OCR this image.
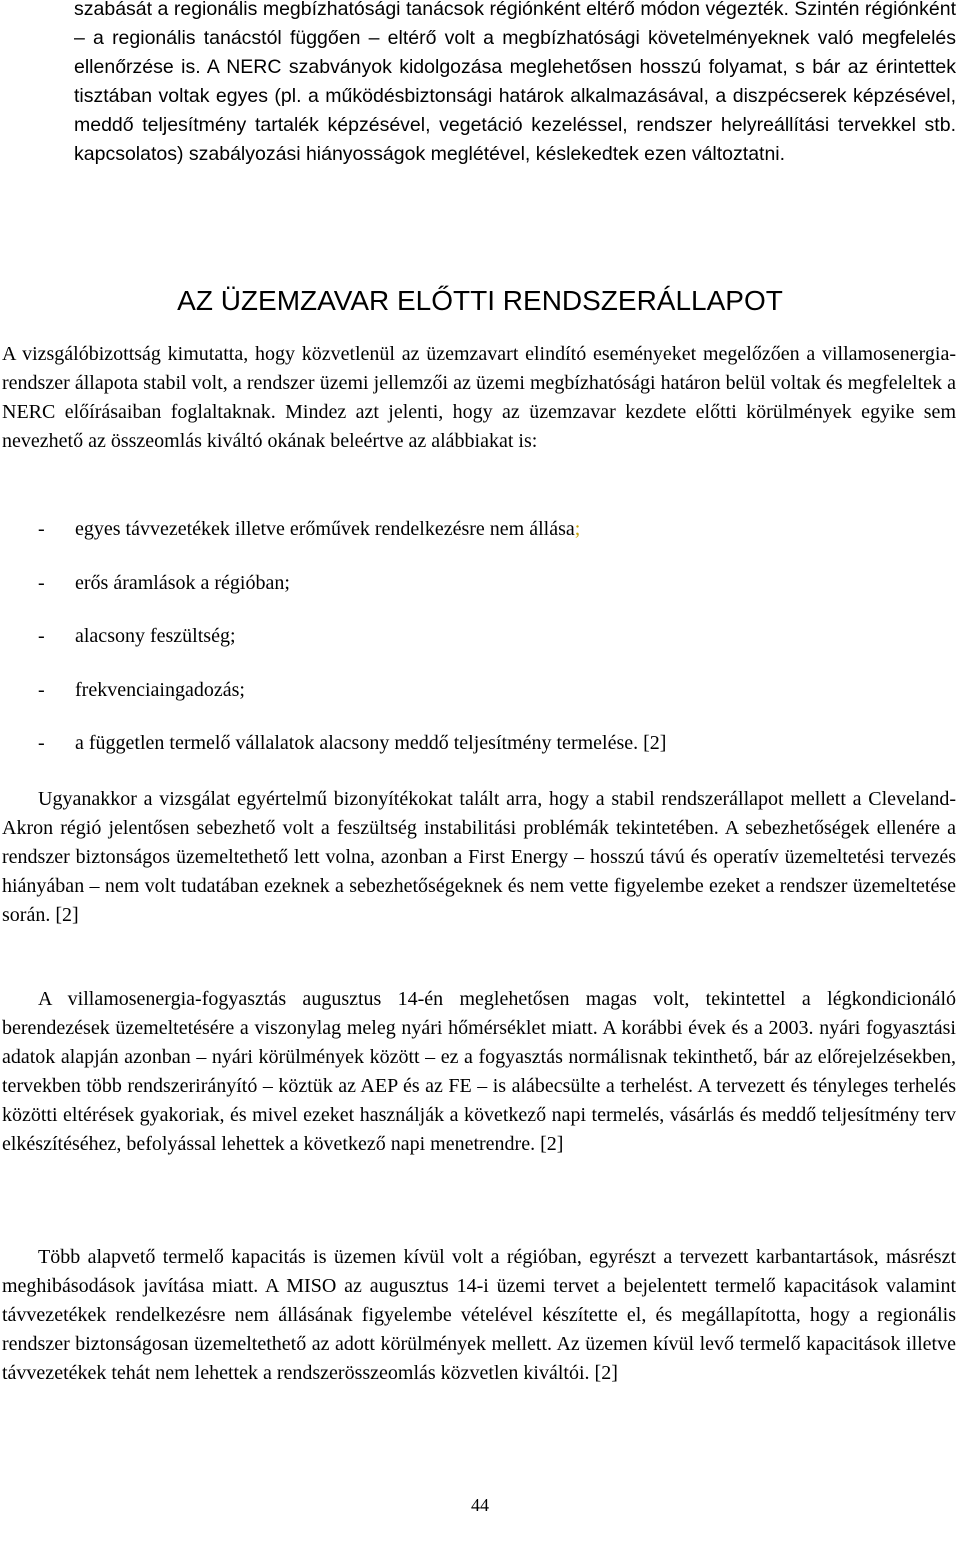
szabását a regionális megbízhatósági tanácsok régiónként eltérő módon végezték. Szintén régiónként – a regionális tanácstól függően – eltérő volt a megbízhatósági követelményeknek való megfelelés ellenőrzése is. A NERC szabványok kidolgozása meglehetősen hosszú folyamat, s bár az érintettek tisztában voltak egyes (pl. a működésbiztonsági határok alkalmazásával, a diszpécserek képzésével, meddő teljesítmény tartalék képzésével, vegetáció kezeléssel, rendszer helyreállítási tervekkel stb. kapcsolatos) szabályozási hiányosságok meglétével, késlekedtek ezen változtatni.

AZ ÜZEMZAVAR ELŐTTI RENDSZERÁLLAPOT

A vizsgálóbizottság kimutatta, hogy közvetlenül az üzemzavart elindító eseményeket megelőzően a villamosenergia-rendszer állapota stabil volt, a rendszer üzemi jellemzői az üzemi megbízhatósági határon belül voltak és megfeleltek a NERC előírásaiban foglaltaknak. Mindez azt jelenti, hogy az üzemzavar kezdete előtti körülmények egyike sem nevezhető az összeomlás kiváltó okának beleértve az alábbiakat is:

- egyes távvezetékek illetve erőművek rendelkezésre nem állása;
- erős áramlások a régióban;
- alacsony feszültség;
- frekvenciaingadozás;
- a független termelő vállalatok alacsony meddő teljesítmény termelése. [2]

Ugyanakkor a vizsgálat egyértelmű bizonyítékokat talált arra, hogy a stabil rendszerállapot mellett a Cleveland-Akron régió jelentősen sebezhető volt a feszültség instabilitási problémák tekintetében. A sebezhetőségek ellenére a rendszer biztonságos üzemeltethető lett volna, azonban a First Energy – hosszú távú és operatív üzemeltetési tervezés hiányában – nem volt tudatában ezeknek a sebezhetőségeknek és nem vette figyelembe ezeket a rendszer üzemeltetése során. [2]

A villamosenergia-fogyasztás augusztus 14-én meglehetősen magas volt, tekintettel a légkondicionáló berendezések üzemeltetésére a viszonylag meleg nyári hőmérséklet miatt. A korábbi évek és a 2003. nyári fogyasztási adatok alapján azonban – nyári körülmények között – ez a fogyasztás normálisnak tekinthető, bár az előrejelzésekben, tervekben több rendszerirányító – köztük az AEP és az FE – is alábecsülte a terhelést. A tervezett és tényleges terhelés közötti eltérések gyakoriak, és mivel ezeket használják a következő napi termelés, vásárlás és meddő teljesítmény terv elkészítéséhez, befolyással lehettek a következő napi menetrendre. [2]

Több alapvető termelő kapacitás is üzemen kívül volt a régióban, egyrészt a tervezett karbantartások, másrészt meghibásodások javítása miatt. A MISO az augusztus 14-i üzemi tervet a bejelentett termelő kapacitások valamint távvezetékek rendelkezésre nem állásának figyelembe vételével készítette el, és megállapította, hogy a regionális rendszer biztonságosan üzemeltethető az adott körülmények mellett. Az üzemen kívül levő termelő kapacitások illetve távvezetékek tehát nem lehettek a rendszerösszeomlás közvetlen kiváltói. [2]

44
